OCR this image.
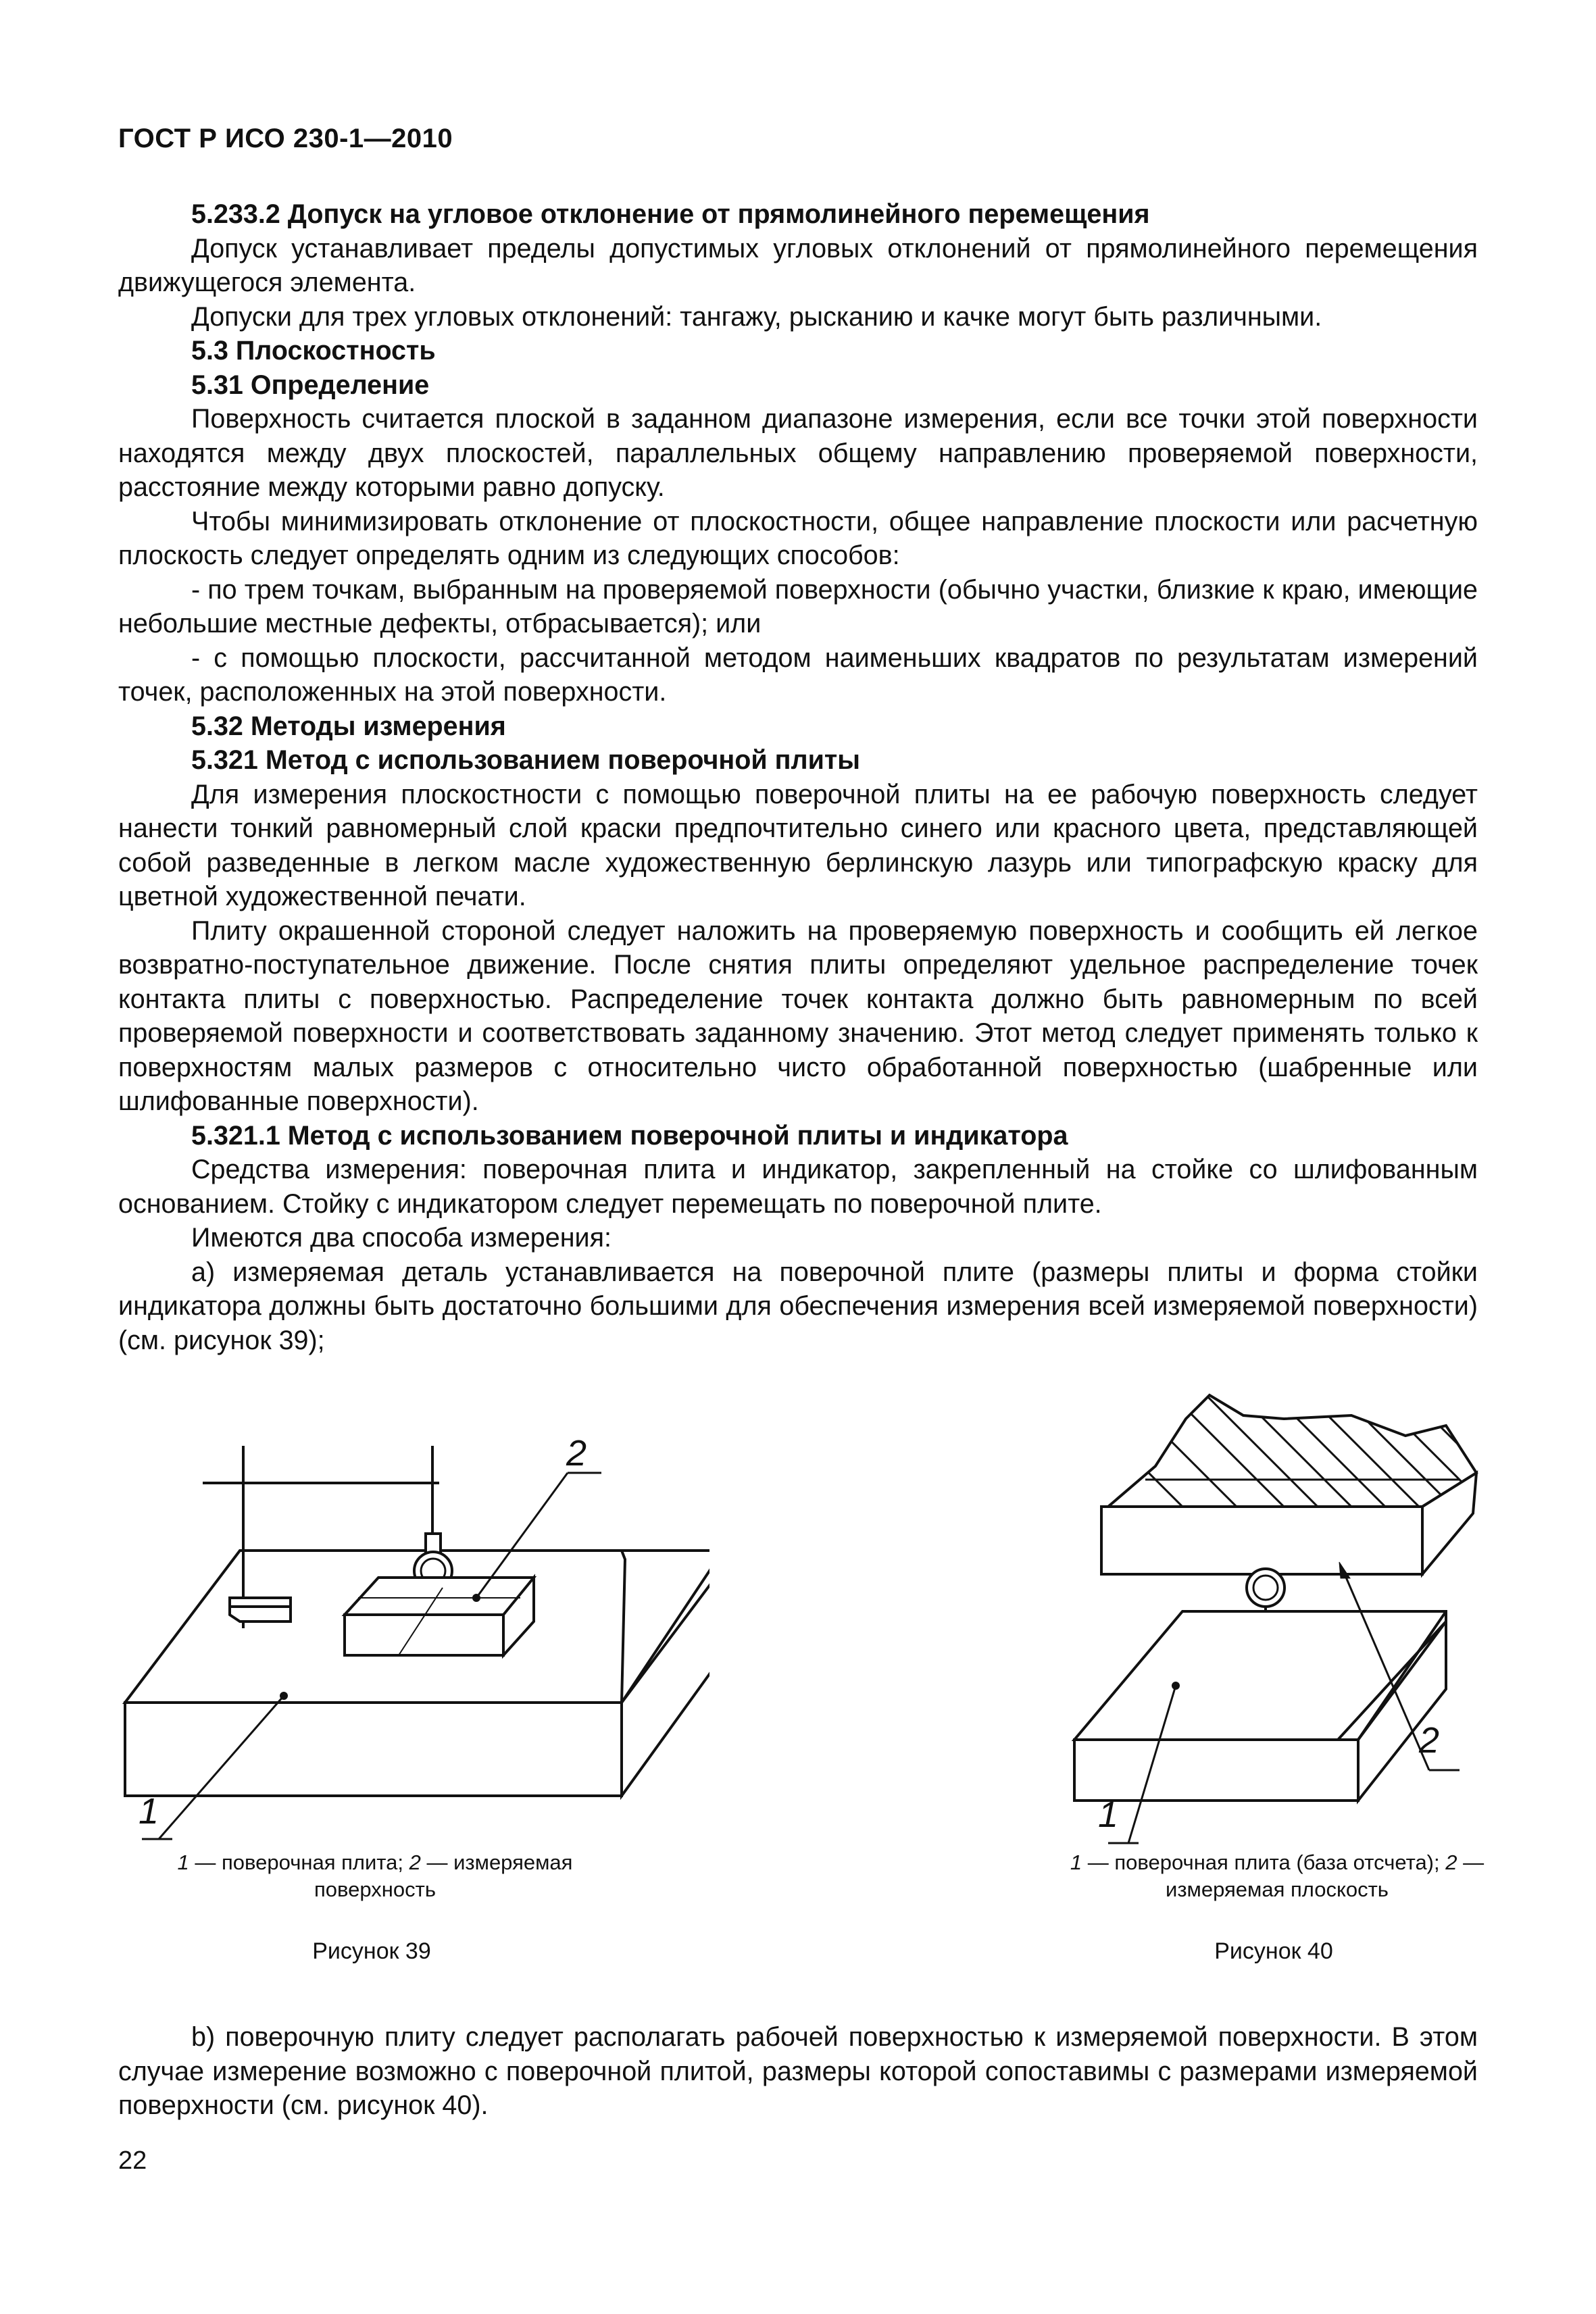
ГОСТ Р ИСО 230-1—2010

5.233.2 Допуск на угловое отклонение от прямолинейного перемещения

Допуск устанавливает пределы допустимых угловых отклонений от прямолинейного перемещения движущегося элемента.

Допуски для трех угловых отклонений: тангажу, рысканию и качке могут быть различными.

5.3 Плоскостность

5.31 Определение

Поверхность считается плоской в заданном диапазоне измерения, если все точки этой поверхности находятся между двух плоскостей, параллельных общему направлению проверяемой поверхности, расстояние между которыми равно допуску.

Чтобы минимизировать отклонение от плоскостности, общее направление плоскости или расчетную плоскость следует определять одним из следующих способов:

- по трем точкам, выбранным на проверяемой поверхности (обычно участки, близкие к краю, имеющие небольшие местные дефекты, отбрасывается); или

- с помощью плоскости, рассчитанной методом наименьших квадратов по результатам измерений точек, расположенных на этой поверхности.

5.32 Методы измерения

5.321 Метод с использованием поверочной плиты

Для измерения плоскостности с помощью поверочной плиты на ее рабочую поверхность следует нанести тонкий равномерный слой краски предпочтительно синего или красного цвета, представляющей собой разведенные в легком масле художественную берлинскую лазурь или типографскую краску для цветной художественной печати.

Плиту окрашенной стороной следует наложить на проверяемую поверхность и сообщить ей легкое возвратно-поступательное движение. После снятия плиты определяют удельное распределение точек контакта плиты с поверхностью. Распределение точек контакта должно быть равномерным по всей проверяемой поверхности и соответствовать заданному значению. Этот метод следует применять только к поверхностям малых размеров с относительно чисто обработанной поверхностью (шабренные или шлифованные поверхности).

5.321.1 Метод с использованием поверочной плиты и индикатора

Средства измерения: поверочная плита и индикатор, закрепленный на стойке со шлифованным основанием. Стойку с индикатором следует перемещать по поверочной плите.

Имеются два способа измерения:

а) измеряемая деталь устанавливается на поверочной плите (размеры плиты и форма стойки индикатора должны быть достаточно большими для обеспечения измерения всей измеряемой поверхности) (см. рисунок 39);

1
2
1 — поверочная плита; 2 — измеряемая поверхность
Рисунок 39
1
2
1 — поверочная плита (база отсчета); 2 — измеряемая плоскость
Рисунок 40

b) поверочную плиту следует располагать рабочей поверхностью к измеряемой поверхности. В этом случае измерение возможно с поверочной плитой, размеры которой сопоставимы с размерами измеряемой поверхности (см. рисунок 40).

22
